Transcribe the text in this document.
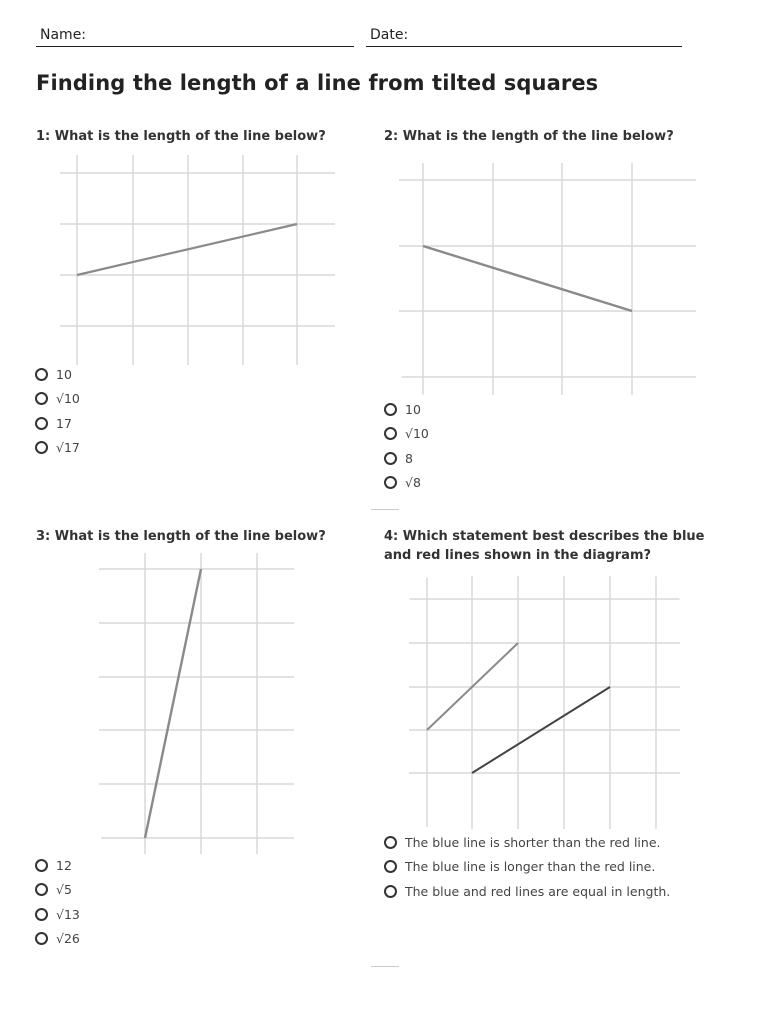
Name:	Date:
Finding the length of a line from tilted squares

1: What is the length of the line below?

10
√10
17
√17

2: What is the length of the line below?

10
√10
8
√8

3: What is the length of the line below?

12
√5
√13
√26

4: Which statement best describes the blue
and red lines shown in the diagram?

The blue line is shorter than the red line.
The blue line is longer than the red line.
The blue and red lines are equal in length.
